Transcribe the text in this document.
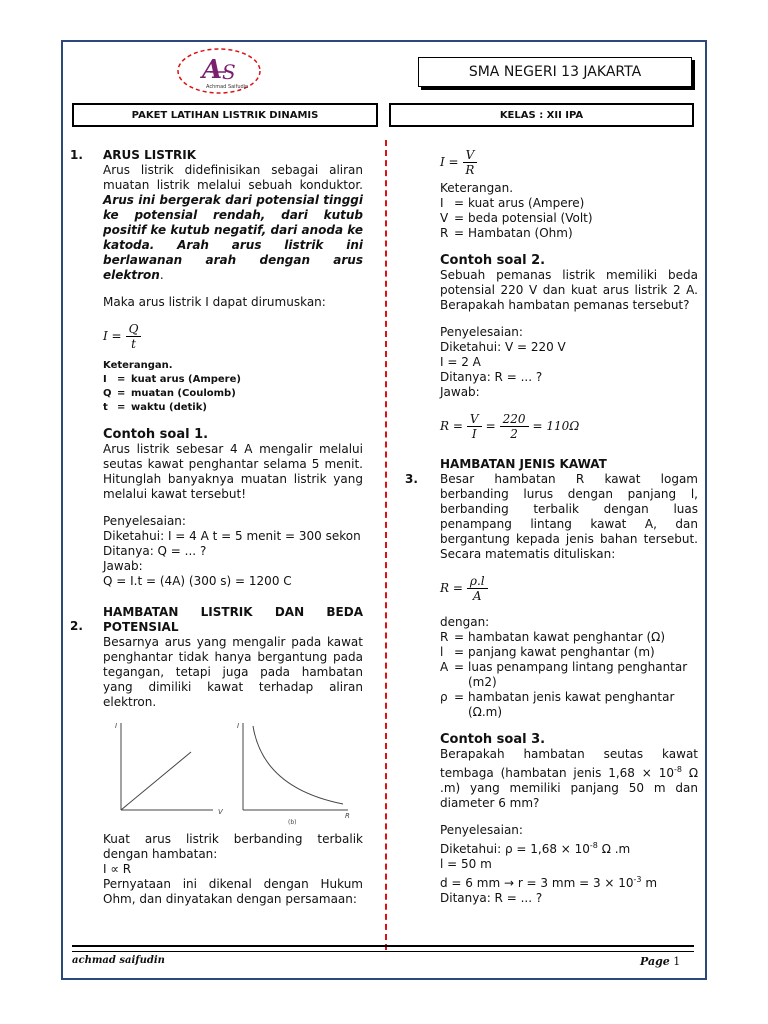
A S
Achmad Saifudin
SMA NEGERI 13 JAKARTA
PAKET LATIHAN LISTRIK DINAMIS	KELAS : XII IPA
1.
2.
ARUS LISTRIK
Arus listrik didefinisikan sebagai aliran muatan listrik melalui sebuah konduktor. Arus ini bergerak dari potensial tinggi ke potensial rendah, dari kutub positif ke kutub negatif, dari anoda ke katoda. Arah arus listrik ini berlawanan arah dengan arus elektron.
Maka arus listrik I dapat dirumuskan:
$I = \frac{Q}{t}$
Keterangan.
I	= kuat arus (Ampere)
Q = muatan (Coulomb)
t = waktu (detik)
Contoh soal 1.
Arus listrik sebesar 4 A mengalir melalui seutas kawat penghantar selama 5 menit. Hitunglah banyaknya muatan listrik yang melalui kawat tersebut!
Penyelesaian:
Diketahui: I = 4 A t = 5 menit = 300 sekon
Ditanya: Q = ... ?
Jawab:
Q = I.t = (4A) (300 s) = 1200 C
HAMBATAN LISTRIK DAN BEDA POTENSIAL
Besarnya arus yang mengalir pada kawat penghantar tidak hanya bergantung pada tegangan, tetapi juga pada hambatan yang dimiliki kawat terhadap aliran elektron.
I
V
I
R
(b)
Kuat arus listrik berbanding terbalik dengan hambatan:
I ∝ R
Pernyataan ini dikenal dengan Hukum Ohm, dan dinyatakan dengan persamaan:
3.
$I = \frac{V}{R}$
Keterangan.
I = kuat arus (Ampere)
V = beda potensial (Volt)
R = Hambatan (Ohm)
Contoh soal 2.
Sebuah pemanas listrik memiliki beda potensial 220 V dan kuat arus listrik 2 A. Berapakah hambatan pemanas tersebut?
Penyelesaian:
Diketahui: V = 220 V
I = 2 A
Ditanya: R = ... ?
Jawab:
$R = \frac{V}{I} = \frac{220}{2} = 110\Omega$
HAMBATAN JENIS KAWAT
Besar hambatan R kawat logam berbanding lurus dengan panjang l, berbanding terbalik dengan luas penampang lintang kawat A, dan bergantung kepada jenis bahan tersebut. Secara matematis dituliskan:
$R = \frac{\rho.l}{A}$
dengan:
R = hambatan kawat penghantar (Ω)
l = panjang kawat penghantar (m)
A = luas penampang lintang penghantar (m2)
ρ = hambatan jenis kawat penghantar (Ω.m)
Contoh soal 3.
Berapakah hambatan seutas kawat tembaga (hambatan jenis $1,68 \times 10^{-8}$ Ω .m) yang memiliki panjang 50 m dan diameter 6 mm?
Penyelesaian:
Diketahui: $\rho = 1,68 \times 10^{-8}$ Ω .m
l = 50 m
d = 6 mm → r = 3 mm = $3 \times 10^{-3}$ m
Ditanya: R = ... ?
achmad saifudin	Page 1
